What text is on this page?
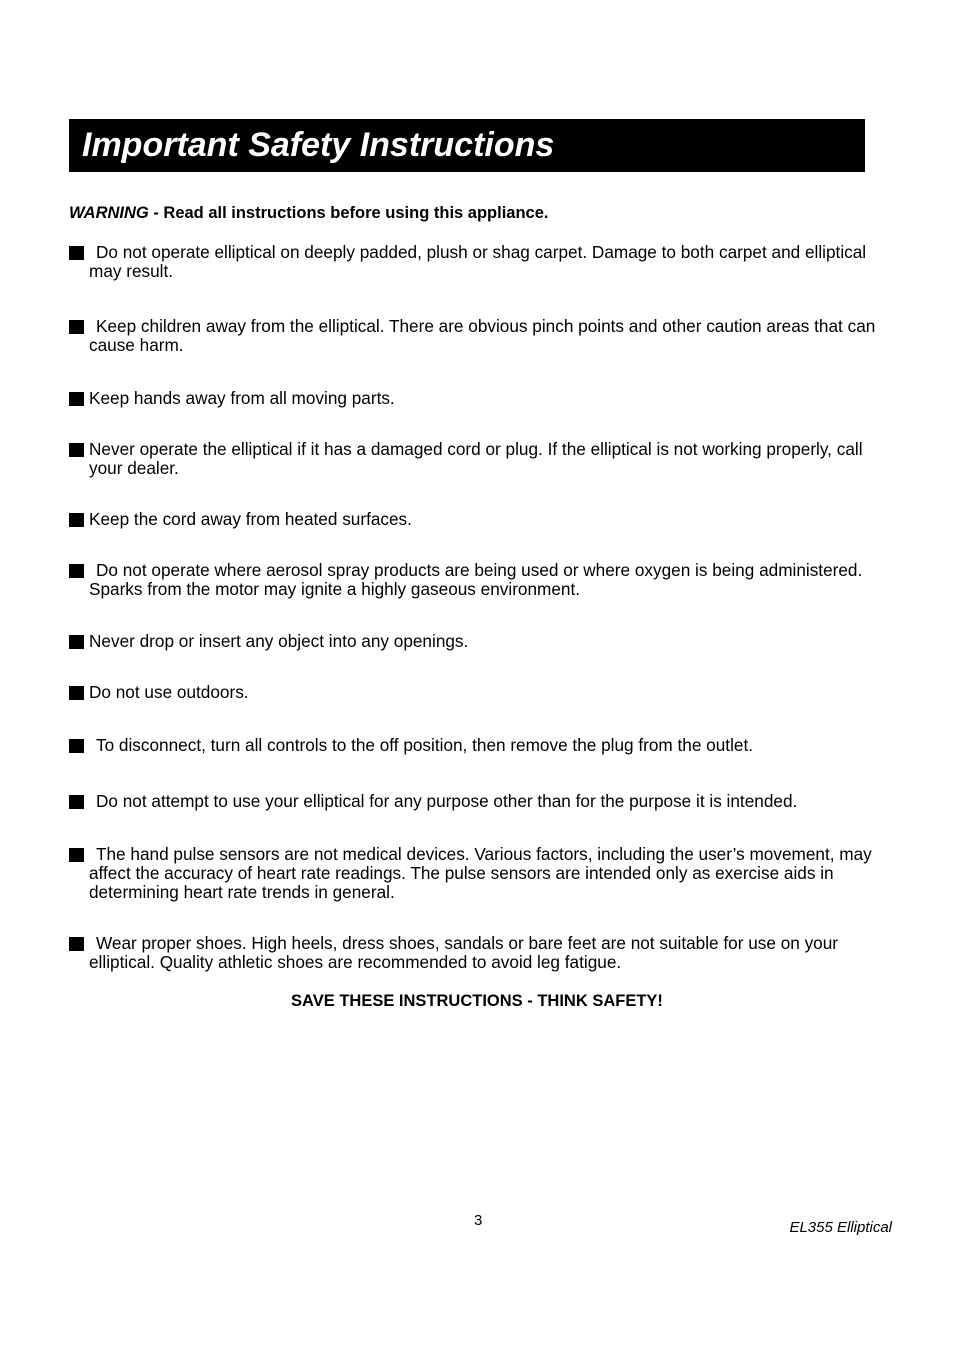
Important Safety Instructions
WARNING - Read all instructions before using this appliance.
Do not operate elliptical on deeply padded, plush or shag carpet. Damage to both carpet and elliptical may result.
Keep children away from the elliptical. There are obvious pinch points and other caution areas that can cause harm.
Keep hands away from all moving parts.
Never operate the elliptical if it has a damaged cord or plug. If the elliptical is not working properly, call your dealer.
Keep the cord away from heated surfaces.
Do not operate where aerosol spray products are being used or where oxygen is being administered. Sparks from the motor may ignite a highly gaseous environment.
Never drop or insert any object into any openings.
Do not use outdoors.
To disconnect, turn all controls to the off position, then remove the plug from the outlet.
Do not attempt to use your elliptical for any purpose other than for the purpose it is intended.
The hand pulse sensors are not medical devices. Various factors, including the user’s movement, may affect the accuracy of heart rate readings. The pulse sensors are intended only as exercise aids in determining heart rate trends in general.
Wear proper shoes. High heels, dress shoes, sandals or bare feet are not suitable for use on your elliptical. Quality athletic shoes are recommended to avoid leg fatigue.
SAVE THESE INSTRUCTIONS - THINK SAFETY!
3	EL355 Elliptical
